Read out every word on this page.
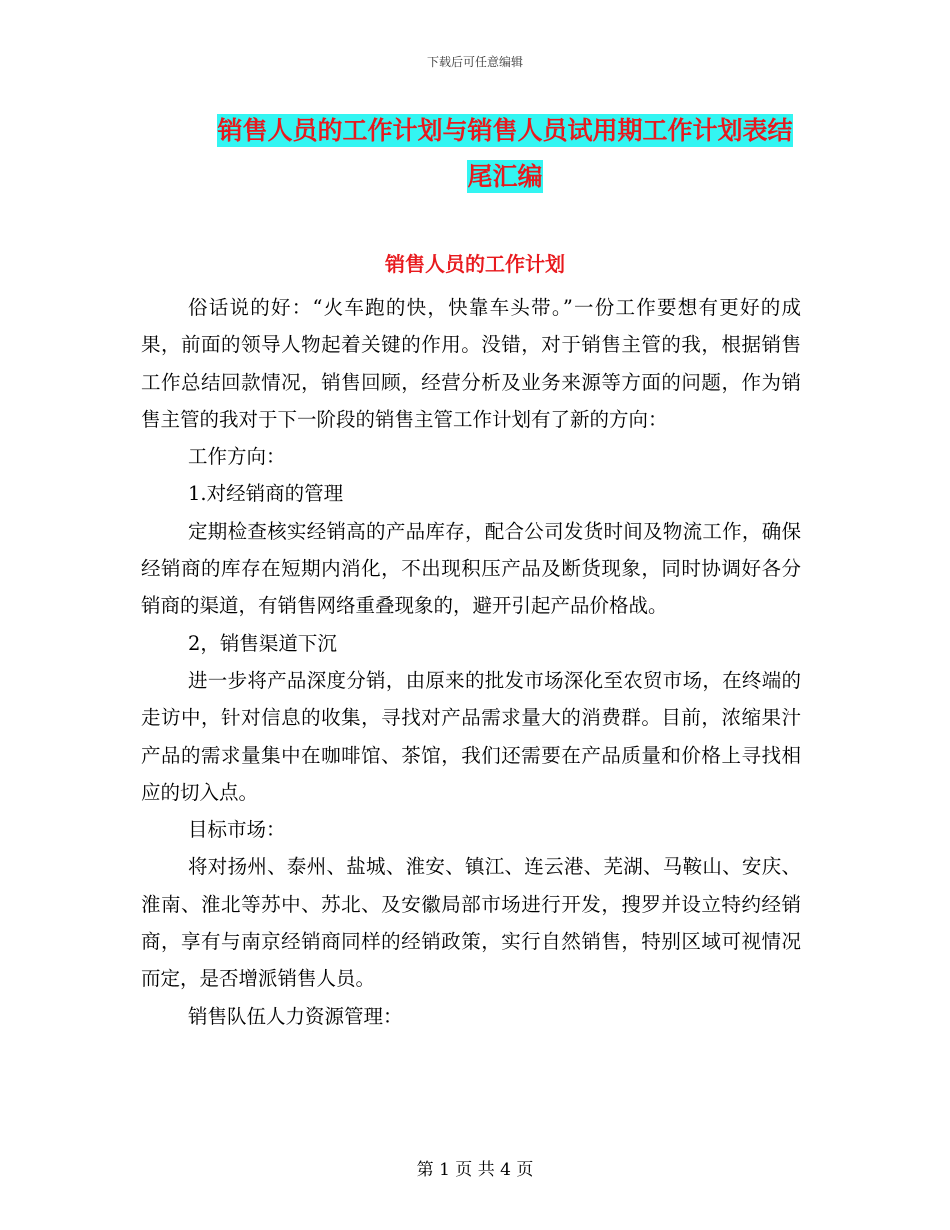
下载后可任意编辑
销售人员的工作计划与销售人员试用期工作计划表结
尾汇编
销售人员的工作计划

俗话说的好：“火车跑的快，快靠车头带。”一份工作要想有更好的成果，前面的领导人物起着关键的作用。没错，对于销售主管的我，根据销售工作总结回款情况，销售回顾，经营分析及业务来源等方面的问题，作为销售主管的我对于下一阶段的销售主管工作计划有了新的方向：

工作方向：

1.对经销商的管理

定期检查核实经销高的产品库存，配合公司发货时间及物流工作，确保经销商的库存在短期内消化，不出现积压产品及断货现象，同时协调好各分销商的渠道，有销售网络重叠现象的，避开引起产品价格战。

2，销售渠道下沉

进一步将产品深度分销，由原来的批发市场深化至农贸市场，在终端的走访中，针对信息的收集，寻找对产品需求量大的消费群。目前，浓缩果汁产品的需求量集中在咖啡馆、茶馆，我们还需要在产品质量和价格上寻找相应的切入点。

目标市场：

将对扬州、泰州、盐城、淮安、镇江、连云港、芜湖、马鞍山、安庆、淮南、淮北等苏中、苏北、及安徽局部市场进行开发，搜罗并设立特约经销商，享有与南京经销商同样的经销政策，实行自然销售，特别区域可视情况而定，是否增派销售人员。

销售队伍人力资源管理：

第 1 页 共 4 页
